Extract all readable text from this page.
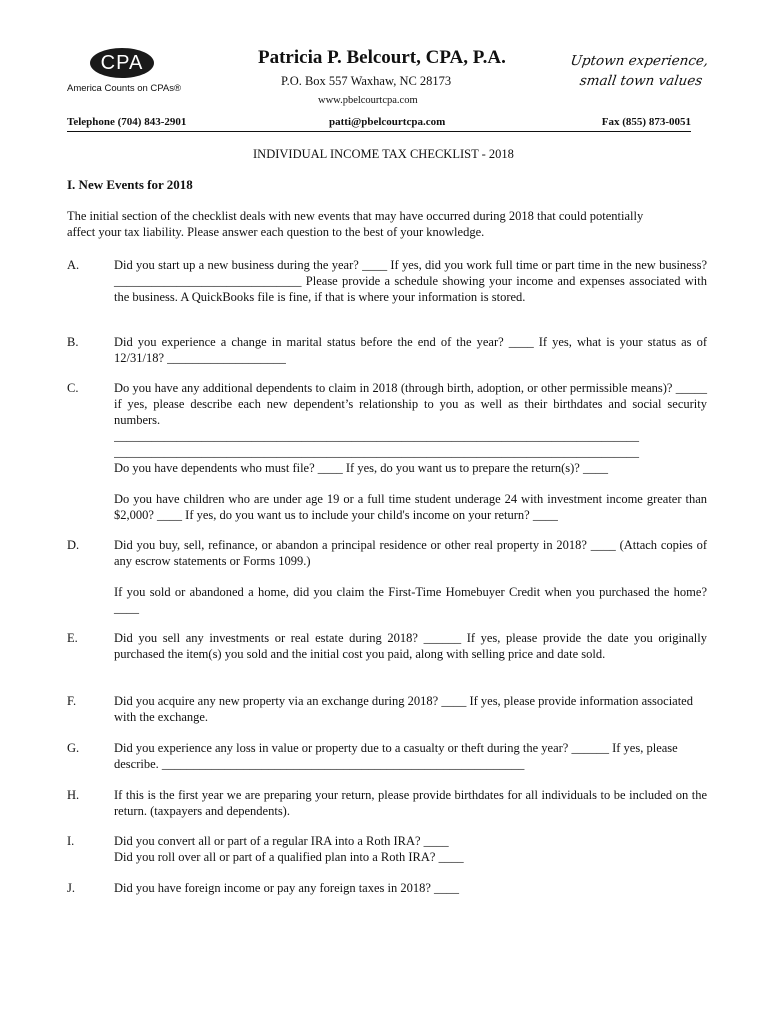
CPA
America Counts on CPAs®
Patricia P. Belcourt, CPA, P.A.
P.O. Box 557 Waxhaw, NC 28173
www.pbelcourtcpa.com
Uptown experience,
small town values
Telephone (704) 843-2901	patti@pbelcourtcpa.com	Fax (855) 873-0051
INDIVIDUAL INCOME TAX CHECKLIST - 2018
I. New Events for 2018
The initial section of the checklist deals with new events that may have occurred during 2018 that could potentially affect your tax liability. Please answer each question to the best of your knowledge.
A.	Did you start up a new business during the year? ____ If yes, did you work full time or part time in the new business? ______________________________ Please provide a schedule showing your income and expenses associated with the business. A QuickBooks file is fine, if that is where your information is stored.

B.	Did you experience a change in marital status before the end of the year? ____ If yes, what is your status as of 12/31/18? ___________________

C.	Do you have any additional dependents to claim in 2018 (through birth, adoption, or other permissible means)? _____ if yes, please describe each new dependent’s relationship to you as well as their birthdates and social security numbers.

____________________________________________________________________________________

____________________________________________________________________________________

Do you have dependents who must file? ____ If yes, do you want us to prepare the return(s)? ____

Do you have children who are under age 19 or a full time student underage 24 with investment income greater than $2,000? ____ If yes, do you want us to include your child's income on your return? ____

D.	Did you buy, sell, refinance, or abandon a principal residence or other real property in 2018? ____ (Attach copies of any escrow statements or Forms 1099.)

If you sold or abandoned a home, did you claim the First-Time Homebuyer Credit when you purchased the home? ____

E.	Did you sell any investments or real estate during 2018? ______ If yes, please provide the date you originally purchased the item(s) you sold and the initial cost you paid, along with selling price and date sold.

F.	Did you acquire any new property via an exchange during 2018? ____ If yes, please provide information associated with the exchange.

G.	Did you experience any loss in value or property due to a casualty or theft during the year? ______ If yes, please describe. __________________________________________________________

H.	If this is the first year we are preparing your return, please provide birthdates for all individuals to be included on the return. (taxpayers and dependents).

I.	Did you convert all or part of a regular IRA into a Roth IRA? ____

Did you roll over all or part of a qualified plan into a Roth IRA? ____

J.	Did you have foreign income or pay any foreign taxes in 2018? ____
